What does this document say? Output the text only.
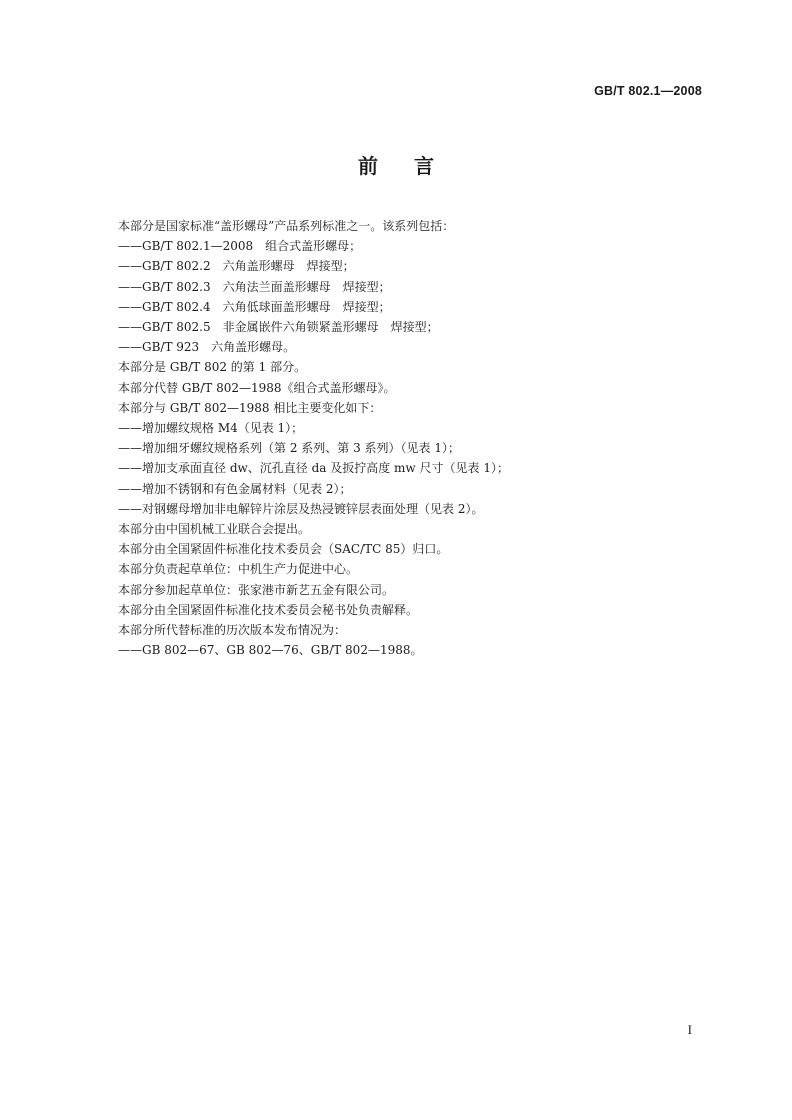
GB/T 802.1—2008
前言

本部分是国家标准“盖形螺母”产品系列标准之一。该系列包括：

——GB/T 802.1—2008　组合式盖形螺母；

——GB/T 802.2　六角盖形螺母　焊接型；

——GB/T 802.3　六角法兰面盖形螺母　焊接型；

——GB/T 802.4　六角低球面盖形螺母　焊接型；

——GB/T 802.5　非金属嵌件六角锁紧盖形螺母　焊接型；

——GB/T 923　六角盖形螺母。

本部分是 GB/T 802 的第 1 部分。

本部分代替 GB/T 802—1988《组合式盖形螺母》。

本部分与 GB/T 802—1988 相比主要变化如下：

——增加螺纹规格 M4（见表 1）；

——增加细牙螺纹规格系列（第 2 系列、第 3 系列）（见表 1）；

——增加支承面直径 dw、沉孔直径 da 及扳拧高度 mw 尺寸（见表 1）；

——增加不锈钢和有色金属材料（见表 2）；

——对钢螺母增加非电解锌片涂层及热浸镀锌层表面处理（见表 2）。

本部分由中国机械工业联合会提出。

本部分由全国紧固件标准化技术委员会（SAC/TC 85）归口。

本部分负责起草单位：中机生产力促进中心。

本部分参加起草单位：张家港市新艺五金有限公司。

本部分由全国紧固件标准化技术委员会秘书处负责解释。

本部分所代替标准的历次版本发布情况为：

——GB 802—67、GB 802—76、GB/T 802—1988。

I
